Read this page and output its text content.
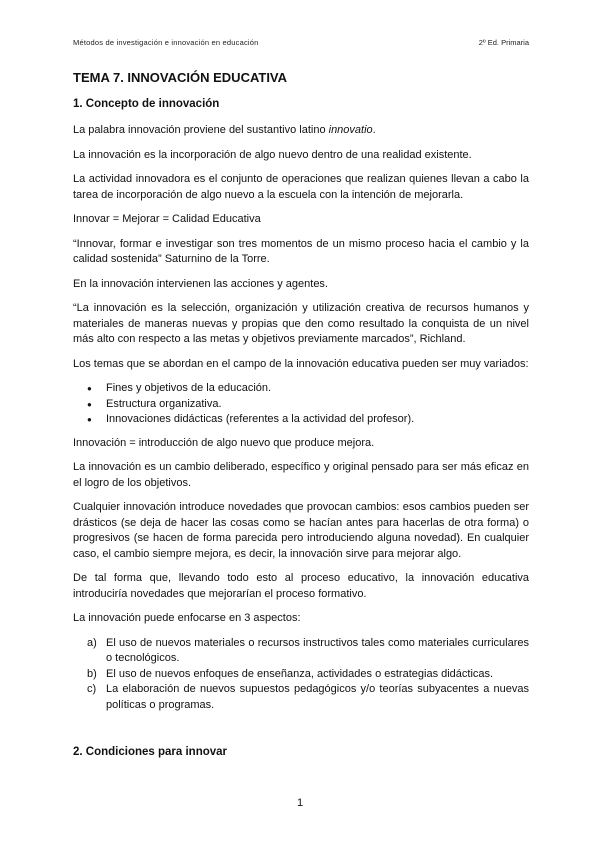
Métodos de investigación e innovación en educación	2º Ed. Primaria
TEMA 7. INNOVACIÓN EDUCATIVA
1. Concepto de innovación

La palabra innovación proviene del sustantivo latino innovatio.

La innovación es la incorporación de algo nuevo dentro de una realidad existente.

La actividad innovadora es el conjunto de operaciones que realizan quienes llevan a cabo la tarea de incorporación de algo nuevo a la escuela con la intención de mejorarla.

Innovar = Mejorar = Calidad Educativa

“Innovar, formar e investigar son tres momentos de un mismo proceso hacia el cambio y la calidad sostenida” Saturnino de la Torre.

En la innovación intervienen las acciones y agentes.

“La innovación es la selección, organización y utilización creativa de recursos humanos y materiales de maneras nuevas y propias que den como resultado la conquista de un nivel más alto con respecto a las metas y objetivos previamente marcados”, Richland.

Los temas que se abordan en el campo de la innovación educativa pueden ser muy variados:

● Fines y objetivos de la educación.
● Estructura organizativa.
● Innovaciones didácticas (referentes a la actividad del profesor).

Innovación = introducción de algo nuevo que produce mejora.

La innovación es un cambio deliberado, específico y original pensado para ser más eficaz en el logro de los objetivos.

Cualquier innovación introduce novedades que provocan cambios: esos cambios pueden ser drásticos (se deja de hacer las cosas como se hacían antes para hacerlas de otra forma) o progresivos (se hacen de forma parecida pero introduciendo alguna novedad). En cualquier caso, el cambio siempre mejora, es decir, la innovación sirve para mejorar algo.

De tal forma que, llevando todo esto al proceso educativo, la innovación educativa introduciría novedades que mejorarían el proceso formativo.

La innovación puede enfocarse en 3 aspectos:

a) El uso de nuevos materiales o recursos instructivos tales como materiales curriculares o tecnológicos.
b) El uso de nuevos enfoques de enseñanza, actividades o estrategias didácticas.
c) La elaboración de nuevos supuestos pedagógicos y/o teorías subyacentes a nuevas políticas o programas.
2. Condiciones para innovar
1
